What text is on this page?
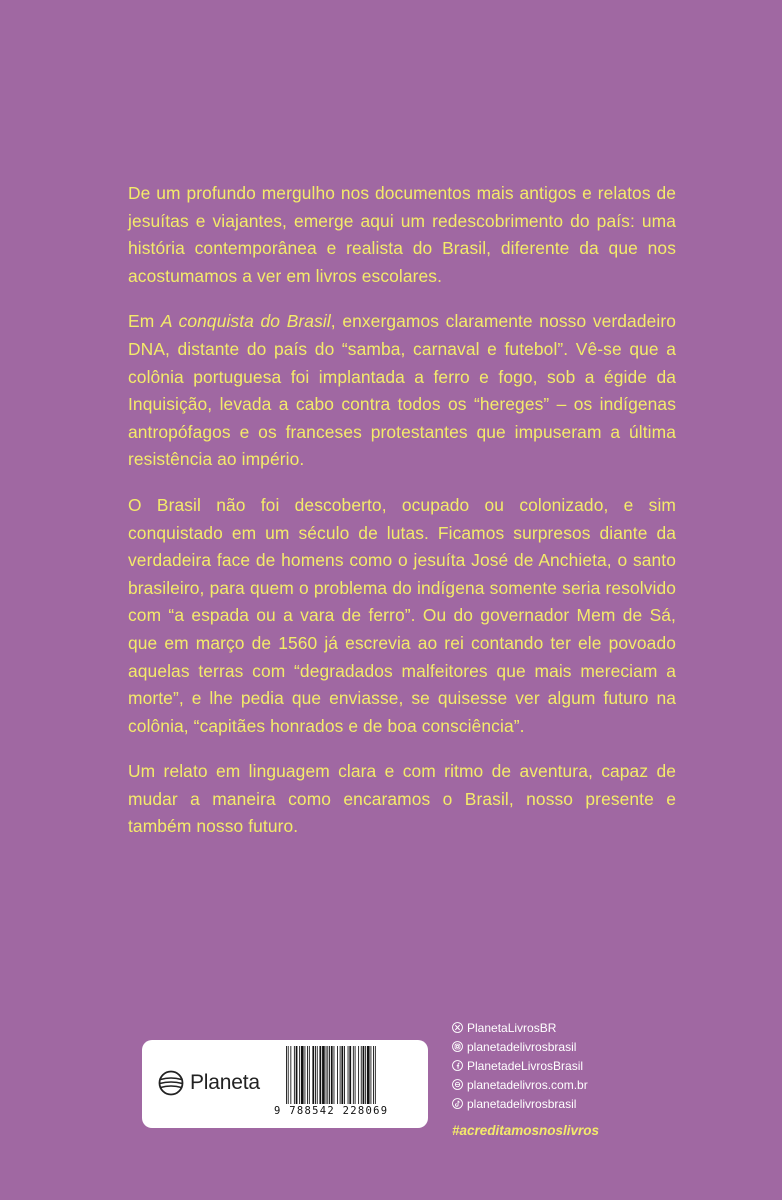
De um profundo mergulho nos documentos mais antigos e relatos de jesuítas e viajantes, emerge aqui um redescobrimento do país: uma história contemporânea e realista do Brasil, diferente da que nos acostumamos a ver em livros escolares.

Em A conquista do Brasil, enxergamos claramente nosso verdadeiro DNA, distante do país do “samba, carnaval e futebol”. Vê-se que a colônia portuguesa foi implantada a ferro e fogo, sob a égide da Inquisição, levada a cabo contra todos os “hereges” – os indígenas antropófagos e os franceses protestantes que impuseram a última resistência ao império.

O Brasil não foi descoberto, ocupado ou colonizado, e sim conquistado em um século de lutas. Ficamos surpresos diante da verdadeira face de homens como o jesuíta José de Anchieta, o santo brasileiro, para quem o problema do indígena somente seria resolvido com “a espada ou a vara de ferro”. Ou do governador Mem de Sá, que em março de 1560 já escrevia ao rei contando ter ele povoado aquelas terras com “degradados malfeitores que mais mereciam a morte”, e lhe pedia que enviasse, se quisesse ver algum futuro na colônia, “capitães honrados e de boa consciência”.

Um relato em linguagem clara e com ritmo de aventura, capaz de mudar a maneira como encaramos o Brasil, nosso presente e também nosso futuro.

Planeta
9 788542 228069
PlanetaLivrosBR
planetadelivrosbrasil
PlanetadeLivrosBrasil
planetadelivros.com.br
planetadelivrosbrasil
#acreditamosnoslivros
